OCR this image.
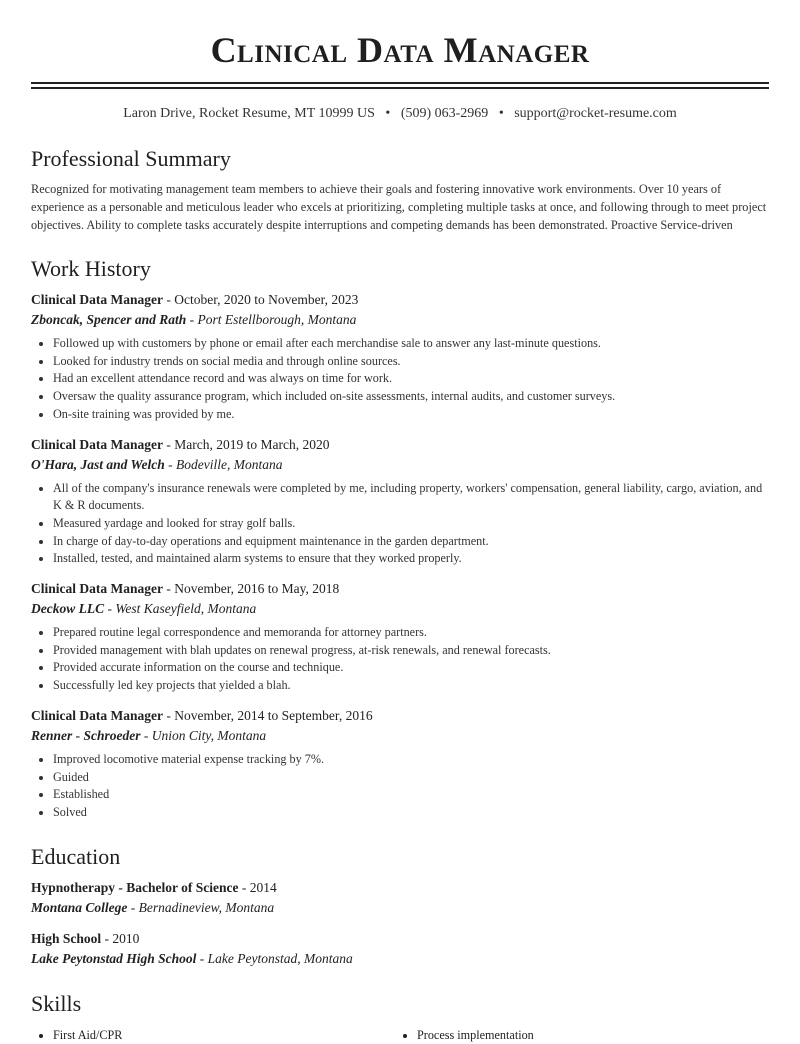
Clinical Data Manager
Laron Drive, Rocket Resume, MT 10999 US • (509) 063-2969 • support@rocket-resume.com
Professional Summary

Recognized for motivating management team members to achieve their goals and fostering innovative work environments. Over 10 years of experience as a personable and meticulous leader who excels at prioritizing, completing multiple tasks at once, and following through to meet project objectives. Ability to complete tasks accurately despite interruptions and competing demands has been demonstrated. Proactive Service-driven

Work History

Clinical Data Manager - October, 2020 to November, 2023

Zboncak, Spencer and Rath - Port Estellborough, Montana

• Followed up with customers by phone or email after each merchandise sale to answer any last-minute questions.
• Looked for industry trends on social media and through online sources.
• Had an excellent attendance record and was always on time for work.
• Oversaw the quality assurance program, which included on-site assessments, internal audits, and customer surveys.
• On-site training was provided by me.

Clinical Data Manager - March, 2019 to March, 2020

O'Hara, Jast and Welch - Bodeville, Montana

• All of the company's insurance renewals were completed by me, including property, workers' compensation, general liability, cargo, aviation, and K & R documents.
• Measured yardage and looked for stray golf balls.
• In charge of day-to-day operations and equipment maintenance in the garden department.
• Installed, tested, and maintained alarm systems to ensure that they worked properly.

Clinical Data Manager - November, 2016 to May, 2018

Deckow LLC - West Kaseyfield, Montana

• Prepared routine legal correspondence and memoranda for attorney partners.
• Provided management with blah updates on renewal progress, at-risk renewals, and renewal forecasts.
• Provided accurate information on the course and technique.
• Successfully led key projects that yielded a blah.

Clinical Data Manager - November, 2014 to September, 2016

Renner - Schroeder - Union City, Montana

• Improved locomotive material expense tracking by 7%.
• Guided
• Established
• Solved
Education

Hypnotherapy - Bachelor of Science - 2014

Montana College - Bernadineview, Montana

High School - 2010

Lake Peytonstad High School - Lake Peytonstad, Montana

Skills
• First Aid/CPR
•	Process implementation
